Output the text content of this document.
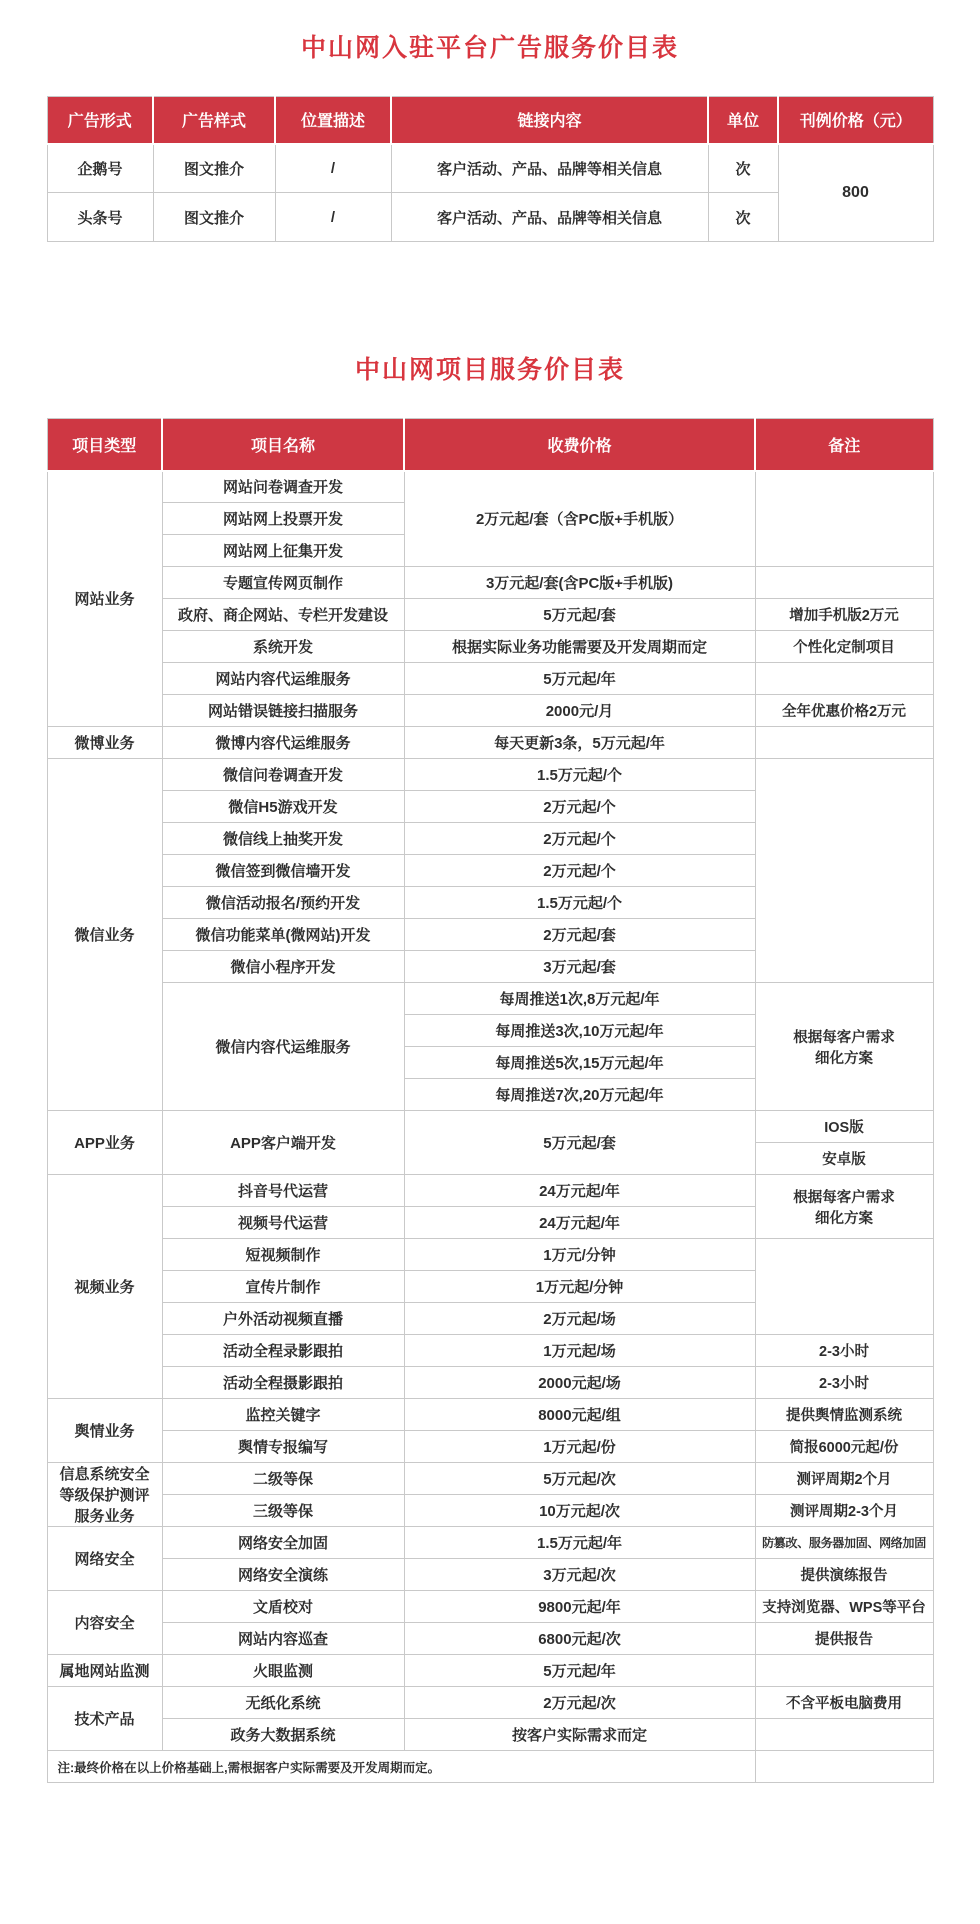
中山网入驻平台广告服务价目表
广告形式	广告样式	位置描述	链接内容	单位	刊例价格（元）
企鹅号	图文推介	/	客户活动、产品、品牌等相关信息	次	800
头条号	图文推介	/	客户活动、产品、品牌等相关信息	次	
中山网项目服务价目表
项目类型	项目名称	收费价格	备注
网站业务	网站问卷调查开发	2万元起/套（含PC版+手机版）	
	网站网上投票开发		
	网站网上征集开发		
	专题宣传网页制作	3万元起/套(含PC版+手机版)	
	政府、商企网站、专栏开发建设	5万元起/套	增加手机版2万元
	系统开发	根据实际业务功能需要及开发周期而定	个性化定制项目
	网站内容代运维服务	5万元起/年	
	网站错误链接扫描服务	2000元/月	全年优惠价格2万元
微博业务	微博内容代运维服务	每天更新3条，5万元起/年	
微信业务	微信问卷调查开发	1.5万元起/个	
	微信H5游戏开发	2万元起/个	
	微信线上抽奖开发	2万元起/个	
	微信签到微信墙开发	2万元起/个	
	微信活动报名/预约开发	1.5万元起/个	
	微信功能菜单(微网站)开发	2万元起/套	
	微信小程序开发	3万元起/套	
	微信内容代运维服务	每周推送1次,8万元起/年	根据每客户需求
细化方案
		每周推送3次,10万元起/年	
		每周推送5次,15万元起/年	
		每周推送7次,20万元起/年	
APP业务	APP客户端开发	5万元起/套	IOS版
			安卓版
视频业务	抖音号代运营	24万元起/年	根据每客户需求
细化方案
	视频号代运营	24万元起/年	
	短视频制作	1万元/分钟	
	宣传片制作	1万元起/分钟	
	户外活动视频直播	2万元起/场	
	活动全程录影跟拍	1万元起/场	2-3小时
	活动全程摄影跟拍	2000元起/场	2-3小时
舆情业务	监控关键字	8000元起/组	提供舆情监测系统
	舆情专报编写	1万元起/份	简报6000元起/份
信息系统安全等级保护测评服务业务	二级等保	5万元起/次	测评周期2个月
	三级等保	10万元起/次	测评周期2-3个月
网络安全	网络安全加固	1.5万元起/年	防篡改、服务器加固、网络加固
	网络安全演练	3万元起/次	提供演练报告
内容安全	文盾校对	9800元起/年	支持浏览器、WPS等平台
	网站内容巡查	6800元起/次	提供报告
属地网站监测	火眼监测	5万元起/年	
技术产品	无纸化系统	2万元起/次	不含平板电脑费用
	政务大数据系统	按客户实际需求而定	
注:最终价格在以上价格基础上,需根据客户实际需要及开发周期而定。			
